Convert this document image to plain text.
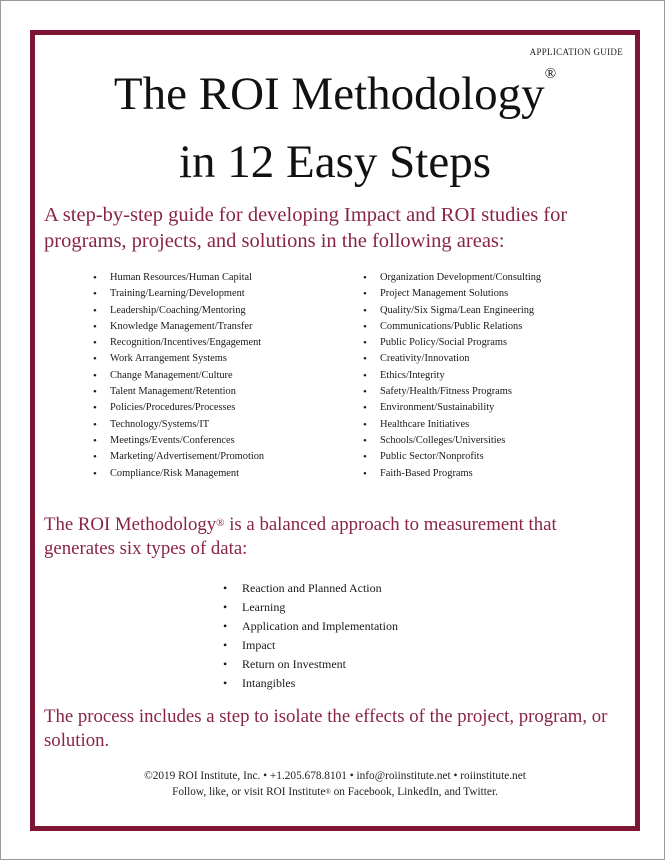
APPLICATION GUIDE
The ROI Methodology®
in 12 Easy Steps

A step-by-step guide for developing Impact and ROI studies for programs, projects, and solutions in the following areas:

• Human Resources/Human Capital
• Training/Learning/Development
• Leadership/Coaching/Mentoring
• Knowledge Management/Transfer
• Recognition/Incentives/Engagement
• Work Arrangement Systems
• Change Management/Culture
• Talent Management/Retention
• Policies/Procedures/Processes
• Technology/Systems/IT
• Meetings/Events/Conferences
• Marketing/Advertisement/Promotion
• Compliance/Risk Management
• Organization Development/Consulting
• Project Management Solutions
• Quality/Six Sigma/Lean Engineering
• Communications/Public Relations
• Public Policy/Social Programs
• Creativity/Innovation
• Ethics/Integrity
• Safety/Health/Fitness Programs
• Environment/Sustainability
• Healthcare Initiatives
• Schools/Colleges/Universities
• Public Sector/Nonprofits
• Faith-Based Programs

The ROI Methodology® is a balanced approach to measurement that generates six types of data:

• Reaction and Planned Action
• Learning
• Application and Implementation
• Impact
• Return on Investment
• Intangibles

The process includes a step to isolate the effects of the project, program, or solution.

©2019 ROI Institute, Inc. • +1.205.678.8101 • info@roiinstitute.net • roiinstitute.net
Follow, like, or visit ROI Institute® on Facebook, LinkedIn, and Twitter.
